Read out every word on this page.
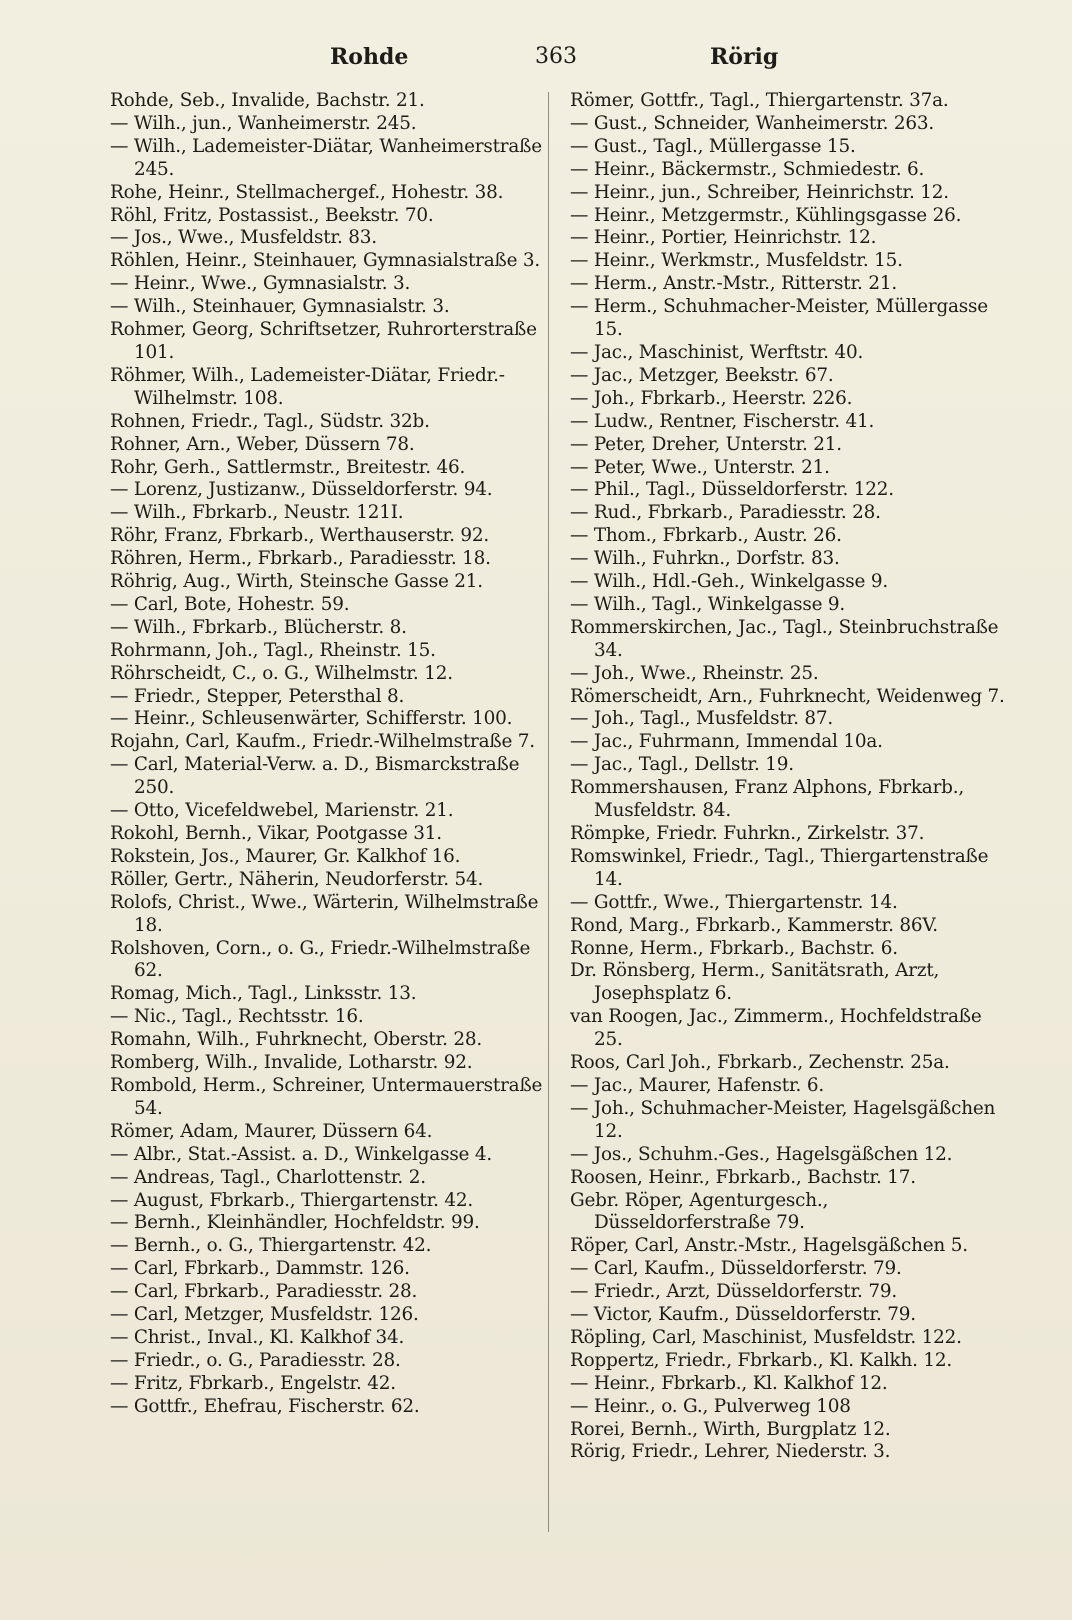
Rohde	363	Rörig

Rohde, Seb., Invalide, Bachstr. 21.

— Wilh., jun., Wanheimerstr. 245.

— Wilh., Lademeister-Diätar, Wanheimerstraße 245.

Rohe, Heinr., Stellmachergef., Hohestr. 38.

Röhl, Fritz, Postassist., Beekstr. 70.

— Jos., Wwe., Musfeldstr. 83.

Röhlen, Heinr., Steinhauer, Gymnasialstraße 3.

— Heinr., Wwe., Gymnasialstr. 3.

— Wilh., Steinhauer, Gymnasialstr. 3.

Rohmer, Georg, Schriftsetzer, Ruhrorterstraße 101.

Röhmer, Wilh., Lademeister-Diätar, Friedr.-Wilhelmstr. 108.

Rohnen, Friedr., Tagl., Südstr. 32b.

Rohner, Arn., Weber, Düssern 78.

Rohr, Gerh., Sattlermstr., Breitestr. 46.

— Lorenz, Justizanw., Düsseldorferstr. 94.

— Wilh., Fbrkarb., Neustr. 121I.

Röhr, Franz, Fbrkarb., Werthauserstr. 92.

Röhren, Herm., Fbrkarb., Paradiesstr. 18.

Röhrig, Aug., Wirth, Steinsche Gasse 21.

— Carl, Bote, Hohestr. 59.

— Wilh., Fbrkarb., Blücherstr. 8.

Rohrmann, Joh., Tagl., Rheinstr. 15.

Röhrscheidt, C., o. G., Wilhelmstr. 12.

— Friedr., Stepper, Petersthal 8.

— Heinr., Schleusenwärter, Schifferstr. 100.

Rojahn, Carl, Kaufm., Friedr.-Wilhelmstraße 7.

— Carl, Material-Verw. a. D., Bismarckstraße 250.

— Otto, Vicefeldwebel, Marienstr. 21.

Rokohl, Bernh., Vikar, Pootgasse 31.

Rokstein, Jos., Maurer, Gr. Kalkhof 16.

Röller, Gertr., Näherin, Neudorferstr. 54.

Rolofs, Christ., Wwe., Wärterin, Wilhelmstraße 18.

Rolshoven, Corn., o. G., Friedr.-Wilhelmstraße 62.

Romag, Mich., Tagl., Linksstr. 13.

— Nic., Tagl., Rechtsstr. 16.

Romahn, Wilh., Fuhrknecht, Oberstr. 28.

Romberg, Wilh., Invalide, Lotharstr. 92.

Rombold, Herm., Schreiner, Untermauerstraße 54.

Römer, Adam, Maurer, Düssern 64.

— Albr., Stat.-Assist. a. D., Winkelgasse 4.

— Andreas, Tagl., Charlottenstr. 2.

— August, Fbrkarb., Thiergartenstr. 42.

— Bernh., Kleinhändler, Hochfeldstr. 99.

— Bernh., o. G., Thiergartenstr. 42.

— Carl, Fbrkarb., Dammstr. 126.

— Carl, Fbrkarb., Paradiesstr. 28.

— Carl, Metzger, Musfeldstr. 126.

— Christ., Inval., Kl. Kalkhof 34.

— Friedr., o. G., Paradiesstr. 28.

— Fritz, Fbrkarb., Engelstr. 42.

— Gottfr., Ehefrau, Fischerstr. 62.

Römer, Gottfr., Tagl., Thiergartenstr. 37a.

— Gust., Schneider, Wanheimerstr. 263.

— Gust., Tagl., Müllergasse 15.

— Heinr., Bäckermstr., Schmiedestr. 6.

— Heinr., jun., Schreiber, Heinrichstr. 12.

— Heinr., Metzgermstr., Kühlingsgasse 26.

— Heinr., Portier, Heinrichstr. 12.

— Heinr., Werkmstr., Musfeldstr. 15.

— Herm., Anstr.-Mstr., Ritterstr. 21.

— Herm., Schuhmacher-Meister, Müllergasse 15.

— Jac., Maschinist, Werftstr. 40.

— Jac., Metzger, Beekstr. 67.

— Joh., Fbrkarb., Heerstr. 226.

— Ludw., Rentner, Fischerstr. 41.

— Peter, Dreher, Unterstr. 21.

— Peter, Wwe., Unterstr. 21.

— Phil., Tagl., Düsseldorferstr. 122.

— Rud., Fbrkarb., Paradiesstr. 28.

— Thom., Fbrkarb., Austr. 26.

— Wilh., Fuhrkn., Dorfstr. 83.

— Wilh., Hdl.-Geh., Winkelgasse 9.

— Wilh., Tagl., Winkelgasse 9.

Rommerskirchen, Jac., Tagl., Steinbruchstraße 34.

— Joh., Wwe., Rheinstr. 25.

Römerscheidt, Arn., Fuhrknecht, Weidenweg 7.

— Joh., Tagl., Musfeldstr. 87.

— Jac., Fuhrmann, Immendal 10a.

— Jac., Tagl., Dellstr. 19.

Rommershausen, Franz Alphons, Fbrkarb., Musfeldstr. 84.

Römpke, Friedr. Fuhrkn., Zirkelstr. 37.

Romswinkel, Friedr., Tagl., Thiergartenstraße 14.

— Gottfr., Wwe., Thiergartenstr. 14.

Rond, Marg., Fbrkarb., Kammerstr. 86V.

Ronne, Herm., Fbrkarb., Bachstr. 6.

Dr. Rönsberg, Herm., Sanitätsrath, Arzt, Josephsplatz 6.

van Roogen, Jac., Zimmerm., Hochfeldstraße 25.

Roos, Carl Joh., Fbrkarb., Zechenstr. 25a.

— Jac., Maurer, Hafenstr. 6.

— Joh., Schuhmacher-Meister, Hagelsgäßchen 12.

— Jos., Schuhm.-Ges., Hagelsgäßchen 12.

Roosen, Heinr., Fbrkarb., Bachstr. 17.

Gebr. Röper, Agenturgesch., Düsseldorferstraße 79.

Röper, Carl, Anstr.-Mstr., Hagelsgäßchen 5.

— Carl, Kaufm., Düsseldorferstr. 79.

— Friedr., Arzt, Düsseldorferstr. 79.

— Victor, Kaufm., Düsseldorferstr. 79.

Röpling, Carl, Maschinist, Musfeldstr. 122.

Roppertz, Friedr., Fbrkarb., Kl. Kalkh. 12.

— Heinr., Fbrkarb., Kl. Kalkhof 12.

— Heinr., o. G., Pulverweg 108

Rorei, Bernh., Wirth, Burgplatz 12.

Rörig, Friedr., Lehrer, Niederstr. 3.
